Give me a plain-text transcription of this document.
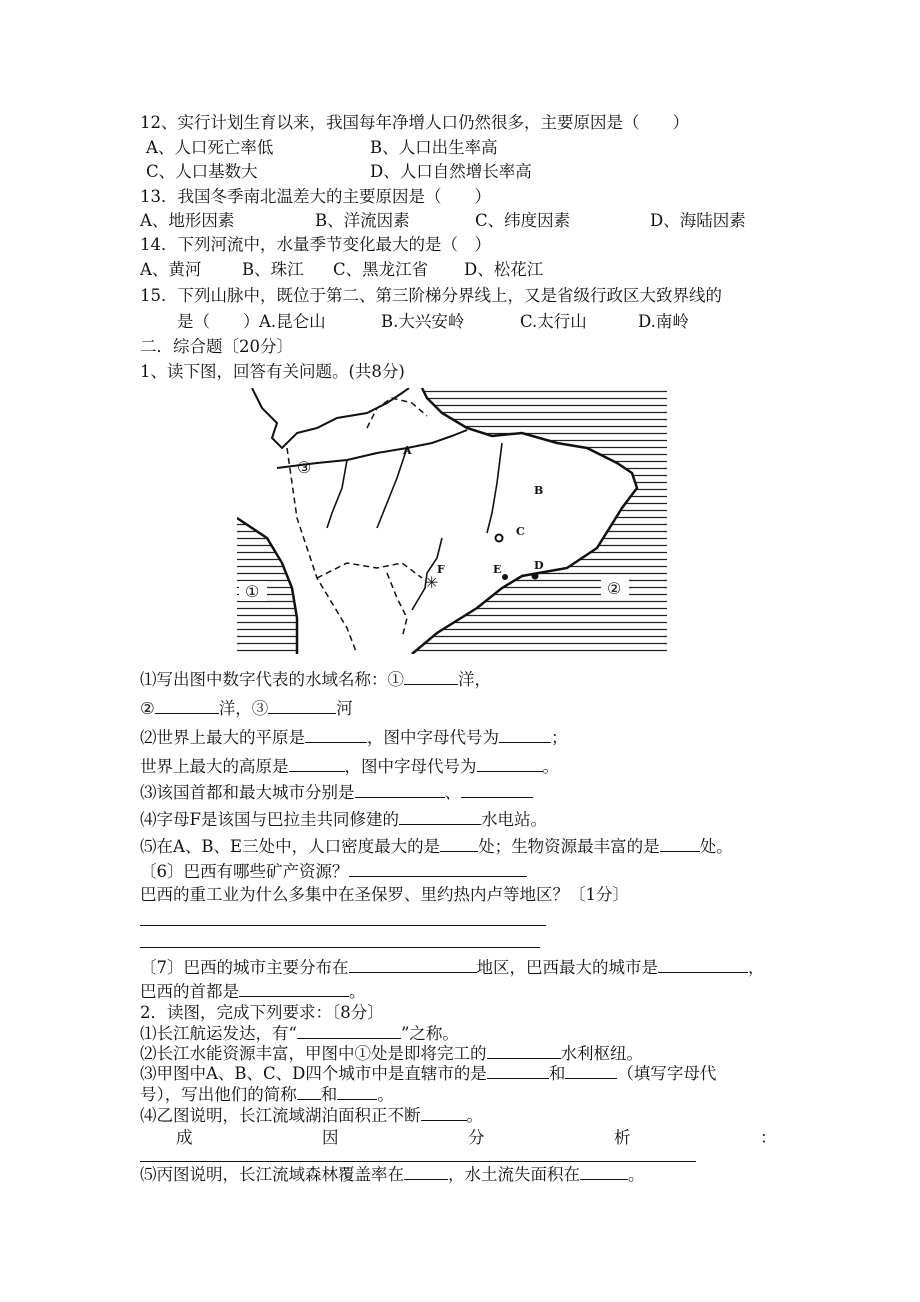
12、实行计划生育以来，我国每年净增人口仍然很多，主要原因是（　　）
A、人口死亡率低	B、人口出生率高
C、人口基数大	D、人口自然增长率高
13．我国冬季南北温差大的主要原因是（　　）
A、地形因素	B、洋流因素	C、纬度因素	D、海陆因素
14．下列河流中，水量季节变化最大的是（　）
A、黄河 B、珠江 C、黑龙江省 D、松花江
15．下列山脉中，既位于第二、第三阶梯分界线上，又是省级行政区大致界线的
是（　　） A.昆仑山	B.大兴安岭	C.太行山	D.南岭
二．综合题〔20分〕
1、读下图，回答有关问题。(共8分)
✳
A
B
C
D
E
F
①	②
③
⑴写出图中数字代表的水域名称：①	洋，
②	洋，③	河
⑵世界上最大的平原是	，图中字母代号为	；
世界上最大的高原是	，图中字母代号为	。
⑶该国首都和最大城市分别是	、
⑷字母F是该国与巴拉圭共同修建的	水电站。
⑸在A、B、E三处中，人口密度最大的是 处；生物资源最丰富的是 处。
〔6〕巴西有哪些矿产资源？
巴西的重工业为什么多集中在圣保罗、里约热内卢等地区？〔1分〕
〔7〕巴西的城市主要分布在	地区，巴西最大的城市是	，
巴西的首都是	。
2．读图，完成下列要求：〔8分〕
⑴长江航运发达，有“	”之称。
⑵长江水能资源丰富，甲图中①处是即将完工的	水利枢纽。
⑶甲图中A、B、C、D四个城市中是直辖市的是	和	（填写字母代
号），写出他们的简称 和 。
⑷乙图说明，长江流域湖泊面积正不断	。
成	因	分	析	：
⑸丙图说明，长江流域森林覆盖率在	，水土流失面积在	。
